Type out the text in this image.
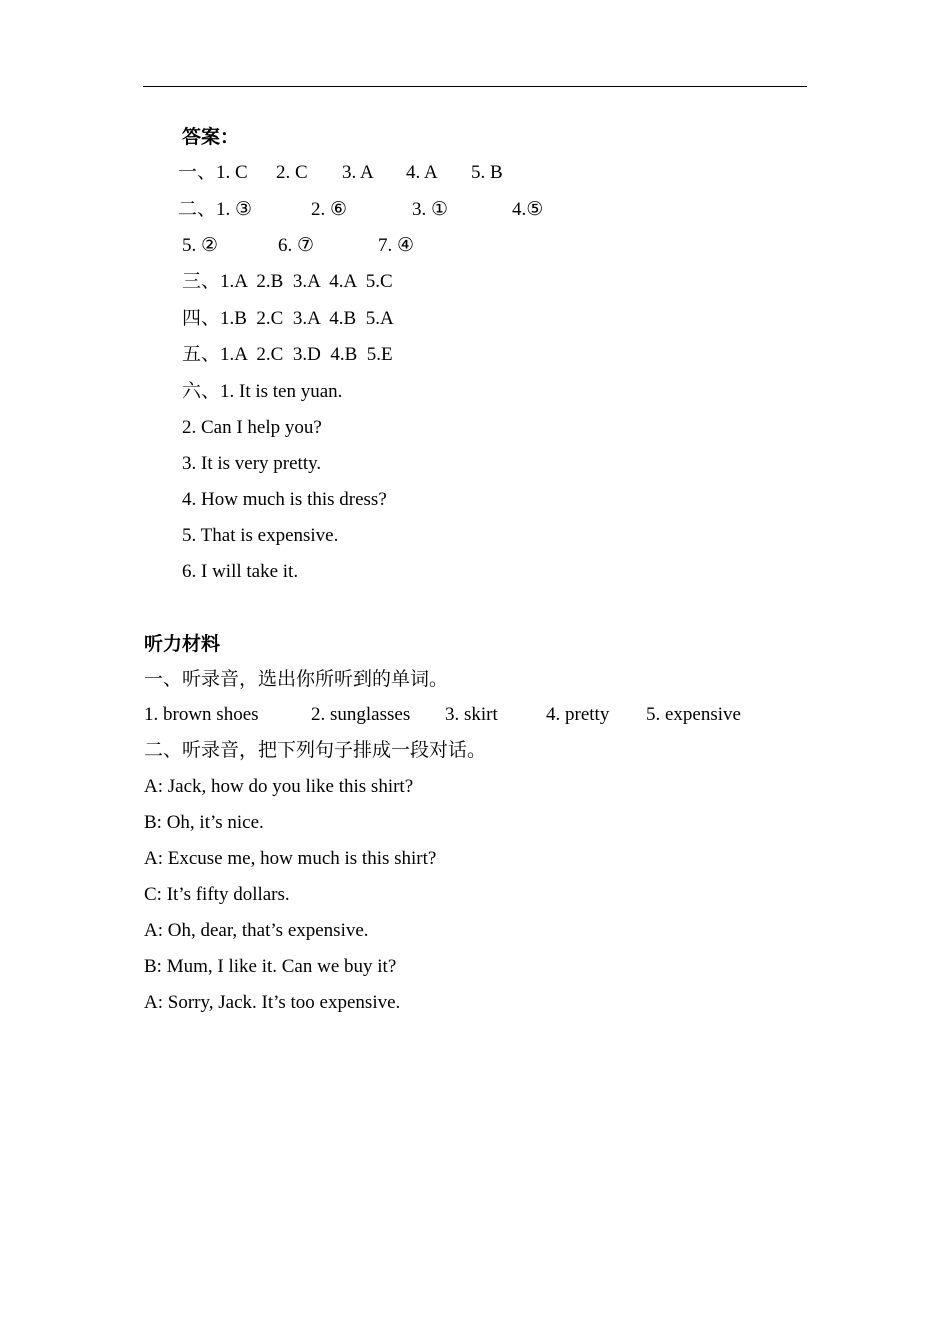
答案：

一、

1. C

2. C

3. A

4. A

5. B

二、

1. ③

	2. ⑥

	3. ①

	4.⑤

5. ②

	6. ⑦

	7. ④

三、1.A  2.B  3.A  4.A  5.C
四、1.B  2.C  3.A  4.B  5.A
五、1.A  2.C  3.D  4.B  5.E
六、1. It is ten yuan.
2. Can I help you?
3. It is very pretty.
4. How much is this dress?
5. That is expensive.
6. I will take it.
听力材料
一、听录音，选出你所听到的单词。

1. brown shoes

	2. sunglasses

3. skirt

	4. pretty

5. expensive

二、听录音，把下列句子排成一段对话。
A: Jack, how do you like this shirt?
B: Oh, it’s nice.
A: Excuse me, how much is this shirt?
C: It’s fifty dollars.
A: Oh, dear, that’s expensive.
B: Mum, I like it. Can we buy it?
A: Sorry, Jack. It’s too expensive.
